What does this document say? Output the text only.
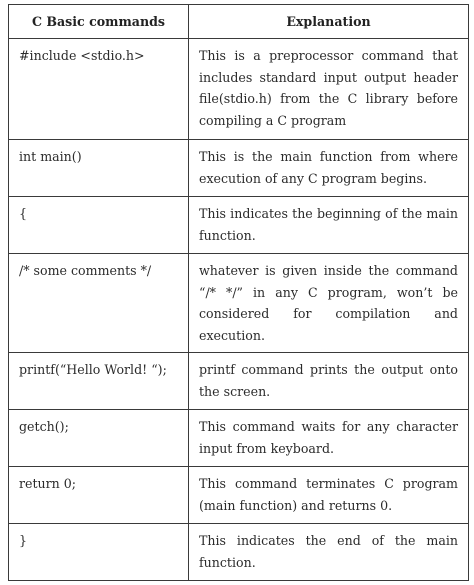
C Basic commands	Explanation
#include <stdio.h>	This is a preprocessor command that includes standard input output header file(stdio.h) from the C library before compiling a C program
int main()	This is the main function from where execution of any C program begins.
{	This indicates the beginning of the main function.
/* some comments */	whatever is given inside the command “/* */” in any C program, won’t be considered for compilation and execution.
printf(“Hello World! “);	printf command prints the output onto the screen.
getch();	This command waits for any character input from keyboard.
return 0;	This command terminates C program (main function) and returns 0.
}	This indicates the end of the main function.
